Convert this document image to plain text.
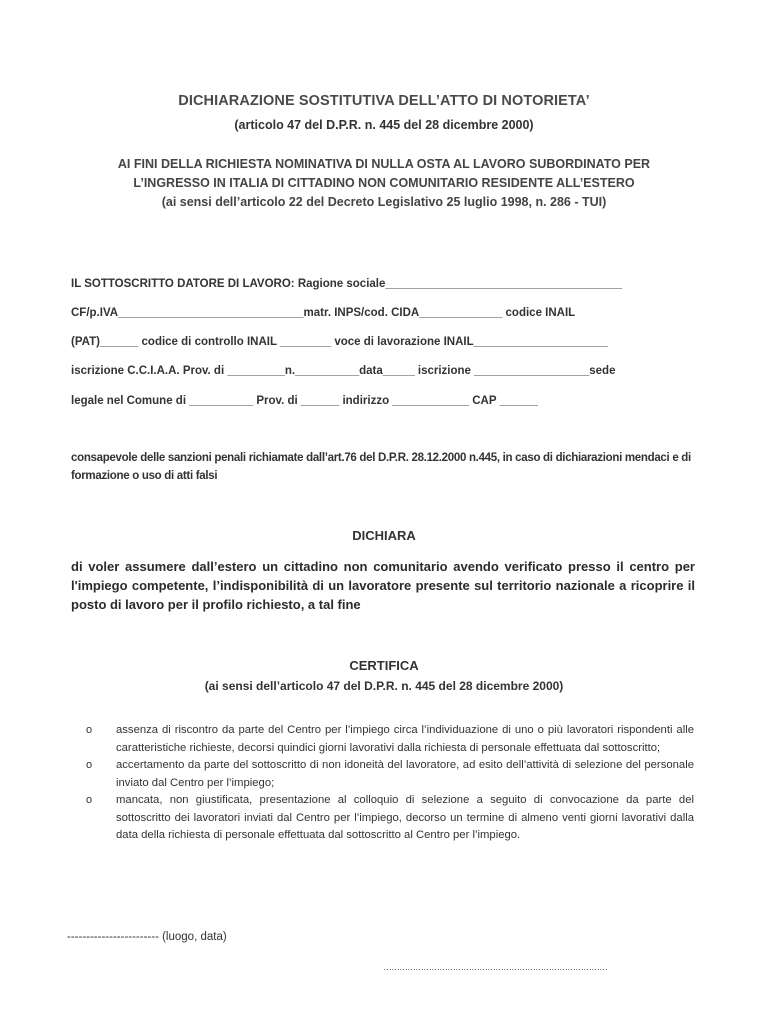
DICHIARAZIONE SOSTITUTIVA DELL’ATTO DI NOTORIETA’
(articolo 47 del D.P.R. n. 445 del 28 dicembre 2000)
AI FINI DELLA RICHIESTA NOMINATIVA DI NULLA OSTA AL LAVORO SUBORDINATO PER
L’INGRESSO IN ITALIA DI CITTADINO NON COMUNITARIO RESIDENTE ALL’ESTERO
(ai sensi dell’articolo 22 del Decreto Legislativo 25 luglio 1998, n. 286 - TUI)
IL SOTTOSCRITTO DATORE DI LAVORO: Ragione sociale_____________________________________
CF/p.IVA_____________________________matr. INPS/cod. CIDA_____________ codice INAIL
(PAT)______ codice di controllo INAIL ________ voce di lavorazione INAIL_____________________
iscrizione C.C.I.A.A. Prov. di _________n.__________data_____ iscrizione __________________sede
legale nel Comune di __________ Prov. di ______ indirizzo ____________ CAP ______
consapevole delle sanzioni penali richiamate dall’art.76 del D.P.R. 28.12.2000 n.445, in caso di dichiarazioni mendaci e di formazione o uso di atti falsi
DICHIARA
di voler assumere dall’estero un cittadino non comunitario avendo verificato presso il centro per l'impiego competente, l’indisponibilità di un lavoratore presente sul territorio nazionale a ricoprire il posto di lavoro per il profilo richiesto, a tal fine
CERTIFICA
(ai sensi dell’articolo 47 del D.P.R. n. 445 del 28 dicembre 2000)
o assenza di riscontro da parte del Centro per l’impiego circa l’individuazione di uno o più lavoratori rispondenti alle caratteristiche richieste, decorsi quindici giorni lavorativi dalla richiesta di personale effettuata dal sottoscritto;
o accertamento da parte del sottoscritto di non idoneità del lavoratore, ad esito dell’attività di selezione del personale inviato dal Centro per l’impiego;
o mancata, non giustificata, presentazione al colloquio di selezione a seguito di convocazione da parte del sottoscritto dei lavoratori inviati dal Centro per l’impiego, decorso un termine di almeno venti giorni lavorativi dalla data della richiesta di personale effettuata dal sottoscritto al Centro per l’impiego.
------------------------ (luogo, data)
…………………………………………………………………………
